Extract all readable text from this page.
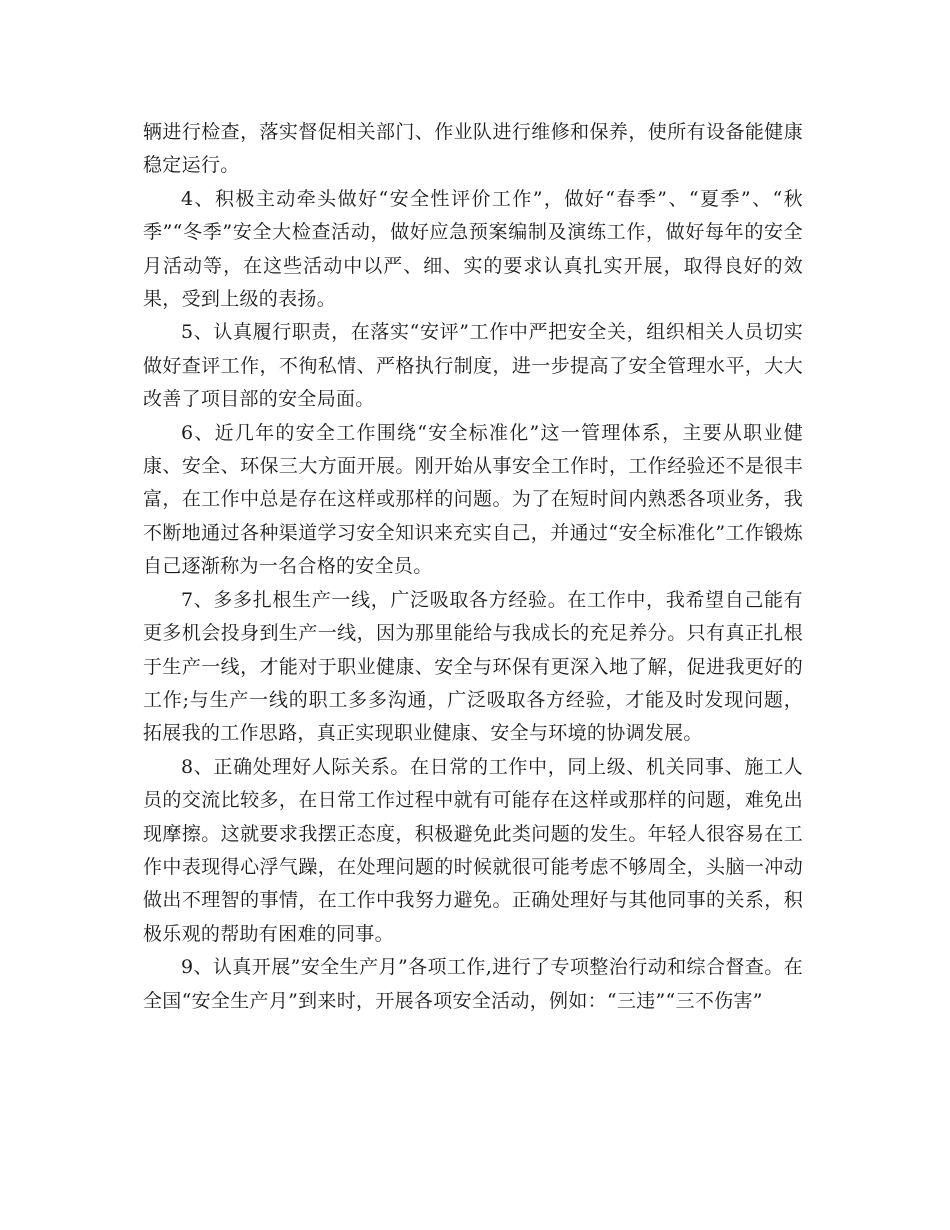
辆进行检查，落实督促相关部门、作业队进行维修和保养，使所有设备能健康稳定运行。

4、积极主动牵头做好“安全性评价工作”，做好“春季”、“夏季”、“秋季”“冬季”安全大检查活动，做好应急预案编制及演练工作，做好每年的安全月活动等，在这些活动中以严、细、实的要求认真扎实开展，取得良好的效果，受到上级的表扬。

5、认真履行职责，在落实“安评”工作中严把安全关，组织相关人员切实做好查评工作，不徇私情、严格执行制度，进一步提高了安全管理水平，大大改善了项目部的安全局面。

6、近几年的安全工作围绕“安全标准化”这一管理体系，主要从职业健康、安全、环保三大方面开展。刚开始从事安全工作时，工作经验还不是很丰富，在工作中总是存在这样或那样的问题。为了在短时间内熟悉各项业务，我不断地通过各种渠道学习安全知识来充实自己，并通过“安全标准化”工作锻炼自己逐渐称为一名合格的安全员。

7、多多扎根生产一线，广泛吸取各方经验。在工作中，我希望自己能有更多机会投身到生产一线，因为那里能给与我成长的充足养分。只有真正扎根于生产一线，才能对于职业健康、安全与环保有更深入地了解，促进我更好的工作;与生产一线的职工多多沟通，广泛吸取各方经验，才能及时发现问题，拓展我的工作思路，真正实现职业健康、安全与环境的协调发展。

8、正确处理好人际关系。在日常的工作中，同上级、机关同事、施工人员的交流比较多，在日常工作过程中就有可能存在这样或那样的问题，难免出现摩擦。这就要求我摆正态度，积极避免此类问题的发生。年轻人很容易在工作中表现得心浮气躁，在处理问题的时候就很可能考虑不够周全，头脑一冲动做出不理智的事情，在工作中我努力避免。正确处理好与其他同事的关系，积极乐观的帮助有困难的同事。

9、认真开展”安全生产月”各项工作,进行了专项整治行动和综合督查。在全国“安全生产月”到来时，开展各项安全活动，例如：“三违”“三不伤害”
